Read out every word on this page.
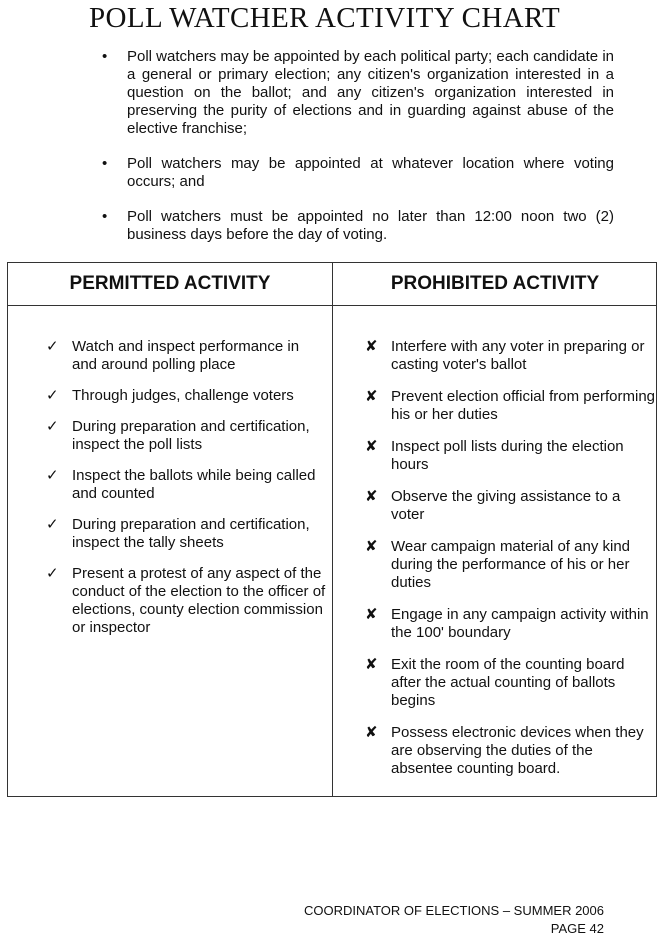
POLL WATCHER ACTIVITY CHART
• Poll watchers may be appointed by each political party; each candidate in a general or primary election; any citizen's organization interested in a question on the ballot; and any citizen's organization interested in preserving the purity of elections and in guarding against abuse of the elective franchise;
• Poll watchers may be appointed at whatever location where voting occurs; and
• Poll watchers must be appointed no later than 12:00 noon two (2) business days before the day of voting.
PERMITTED ACTIVITY	PROHIBITED ACTIVITY
✓ Watch and inspect performance in and around polling place
✓ Through judges, challenge voters
✓ During preparation and certification, inspect the poll lists
✓ Inspect the ballots while being called and counted
✓ During preparation and certification, inspect the tally sheets
✓ Present a protest of any aspect of the conduct of the election to the officer of elections, county election commission or inspector
✘ Interfere with any voter in preparing or casting voter's ballot
✘ Prevent election official from performing his or her duties
✘ Inspect poll lists during the election hours
✘ Observe the giving assistance to a voter
✘ Wear campaign material of any kind during the performance of his or her duties
✘ Engage in any campaign activity within the 100' boundary
✘ Exit the room of the counting board after the actual counting of ballots begins
✘ Possess electronic devices when they are observing the duties of the absentee counting board.
COORDINATOR OF ELECTIONS – SUMMER 2006
PAGE 42
